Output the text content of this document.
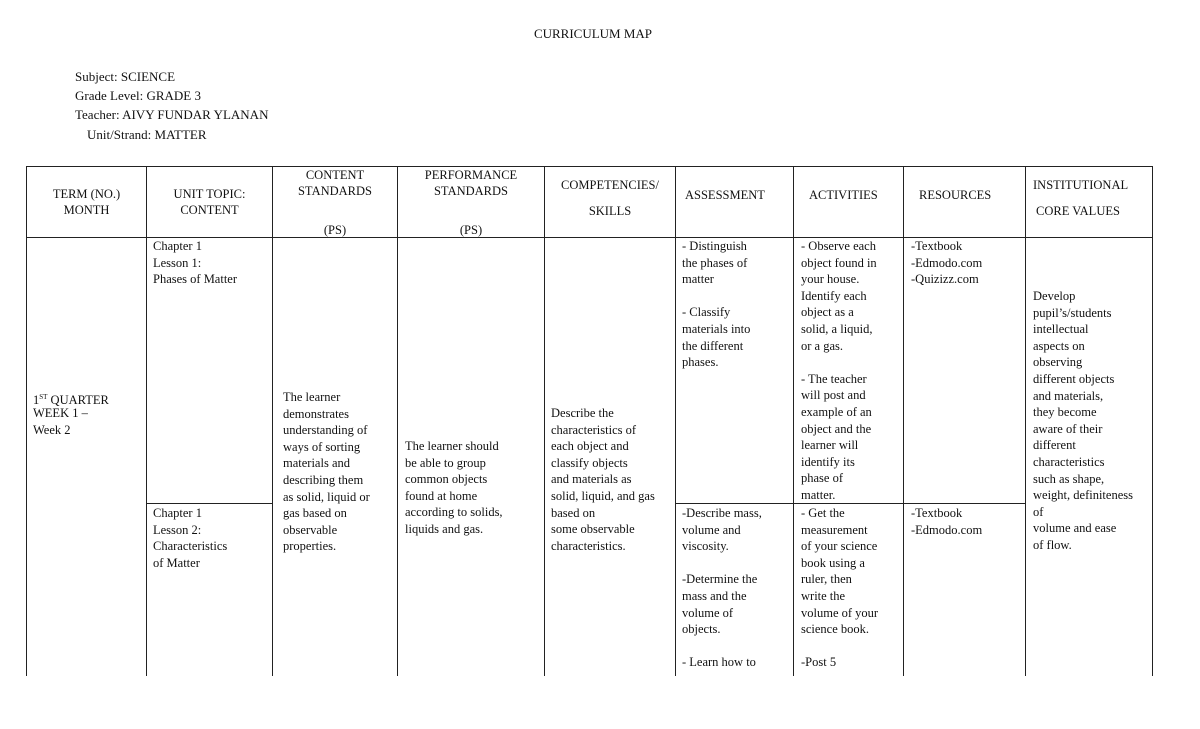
CURRICULUM MAP
Subject: SCIENCE
Grade Level: GRADE 3
Teacher: AIVY FUNDAR YLANAN
Unit/Strand: MATTER
TERM (NO.)
MONTH
UNIT TOPIC:
CONTENT
CONTENT
STANDARDS
(PS)
PERFORMANCE
STANDARDS
(PS)
COMPETENCIES/
SKILLS
ASSESSMENT	ACTIVITIES	RESOURCES
INSTITUTIONAL
CORE VALUES
1ST QUARTER
WEEK 1 –
Week 2
Chapter 1
Lesson 1:
Phases of Matter
- Distinguish
the phases of
matter

- Classify
materials into
the different
phases.
- Observe each
object found in
your house.
Identify each
object as a
solid, a liquid,
or a gas.

- The teacher
will post and
example of an
object and the
learner will
identify its
phase of
matter.
-Textbook
-Edmodo.com
-Quizizz.com
Chapter 1
Lesson 2:
Characteristics
of Matter
-Describe mass,
volume and
viscosity.

-Determine the
mass and the
volume of
objects.

- Learn how to
- Get the
measurement
of your science
book using a
ruler, then
write the
volume of your
science book.

-Post 5
-Textbook
-Edmodo.com
The learner
demonstrates
understanding of
ways of sorting
materials and
describing them
as solid, liquid or
gas based on
observable
properties.
The learner should
be able to group
common objects
found at home
according to solids,
liquids and gas.
Describe the
characteristics of
each object and
classify objects
and materials as
solid, liquid, and gas
based on
some observable
characteristics.
Develop
pupil’s/students
intellectual
aspects on
observing
different objects
and materials,
they become
aware of their
different
characteristics
such as shape,
weight, definiteness
of
volume and ease
of flow.
